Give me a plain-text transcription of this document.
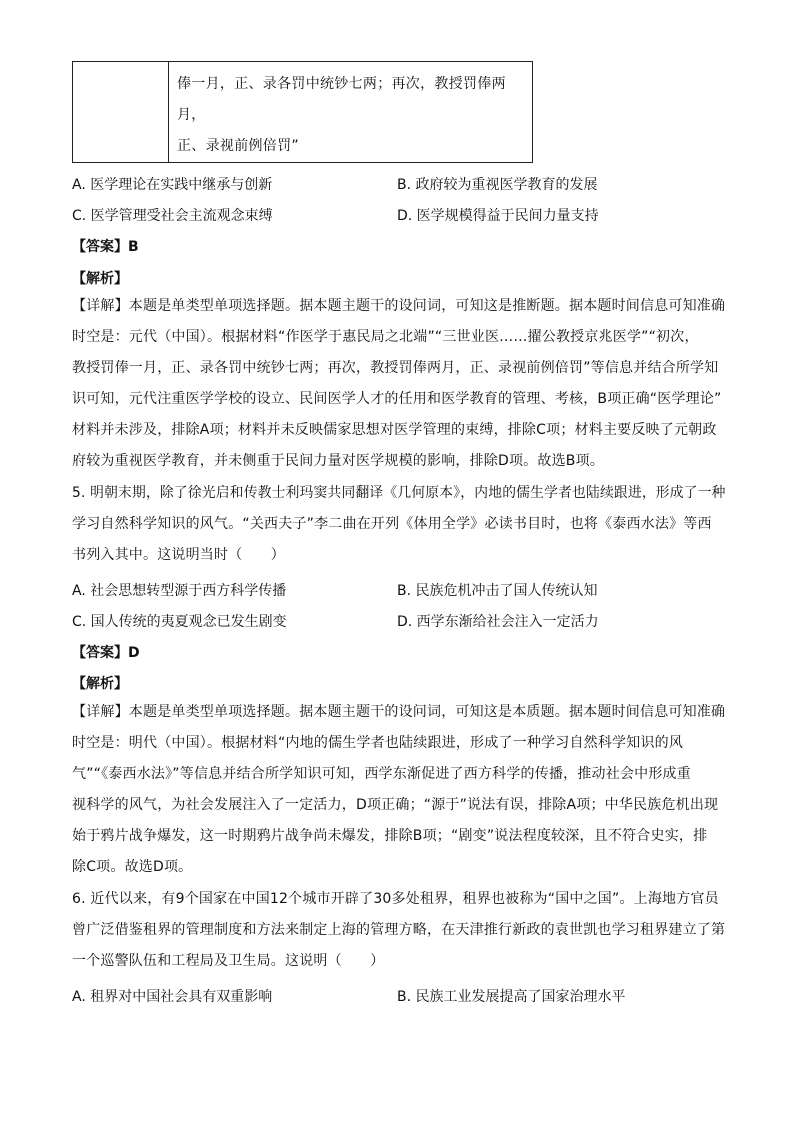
俸一月，正、录各罚中统钞七两；再次，教授罚俸两月，
正、录视前例倍罚”
A. 医学理论在实践中继承与创新	B. 政府较为重视医学教育的发展
C. 医学管理受社会主流观念束缚	D. 医学规模得益于民间力量支持
【答案】B
【解析】
【详解】本题是单类型单项选择题。据本题主题干的设问词，可知这是推断题。据本题时间信息可知准确
时空是：元代（中国）。根据材料“作医学于惠民局之北端”“三世业医……擢公教授京兆医学”“初次，
教授罚俸一月，正、录各罚中统钞七两；再次，教授罚俸两月，正、录视前例倍罚”等信息并结合所学知
识可知，元代注重医学学校的设立、民间医学人才的任用和医学教育的管理、考核，B项正确“医学理论”
材料并未涉及，排除A项；材料并未反映儒家思想对医学管理的束缚，排除C项；材料主要反映了元朝政
府较为重视医学教育，并未侧重于民间力量对医学规模的影响，排除D项。故选B项。
5. 明朝末期，除了徐光启和传教士利玛窦共同翻译《几何原本》，内地的儒生学者也陆续跟进，形成了一种
学习自然科学知识的风气。“关西夫子”李二曲在开列《体用全学》必读书目时，也将《泰西水法》等西
书列入其中。这说明当时（　　）
A. 社会思想转型源于西方科学传播	B. 民族危机冲击了国人传统认知
C. 国人传统的夷夏观念已发生剧变	D. 西学东渐给社会注入一定活力
【答案】D
【解析】
【详解】本题是单类型单项选择题。据本题主题干的设问词，可知这是本质题。据本题时间信息可知准确
时空是：明代（中国）。根据材料“内地的儒生学者也陆续跟进，形成了一种学习自然科学知识的风
气”“《泰西水法》”等信息并结合所学知识可知，西学东渐促进了西方科学的传播，推动社会中形成重
视科学的风气，为社会发展注入了一定活力，D项正确；“源于”说法有误，排除A项；中华民族危机出现
始于鸦片战争爆发，这一时期鸦片战争尚未爆发，排除B项；“剧变”说法程度较深，且不符合史实，排
除C项。故选D项。
6. 近代以来，有9个国家在中国12个城市开辟了30多处租界，租界也被称为“国中之国”。上海地方官员
曾广泛借鉴租界的管理制度和方法来制定上海的管理方略，在天津推行新政的袁世凯也学习租界建立了第
一个巡警队伍和工程局及卫生局。这说明（　　）
A. 租界对中国社会具有双重影响	B. 民族工业发展提高了国家治理水平
